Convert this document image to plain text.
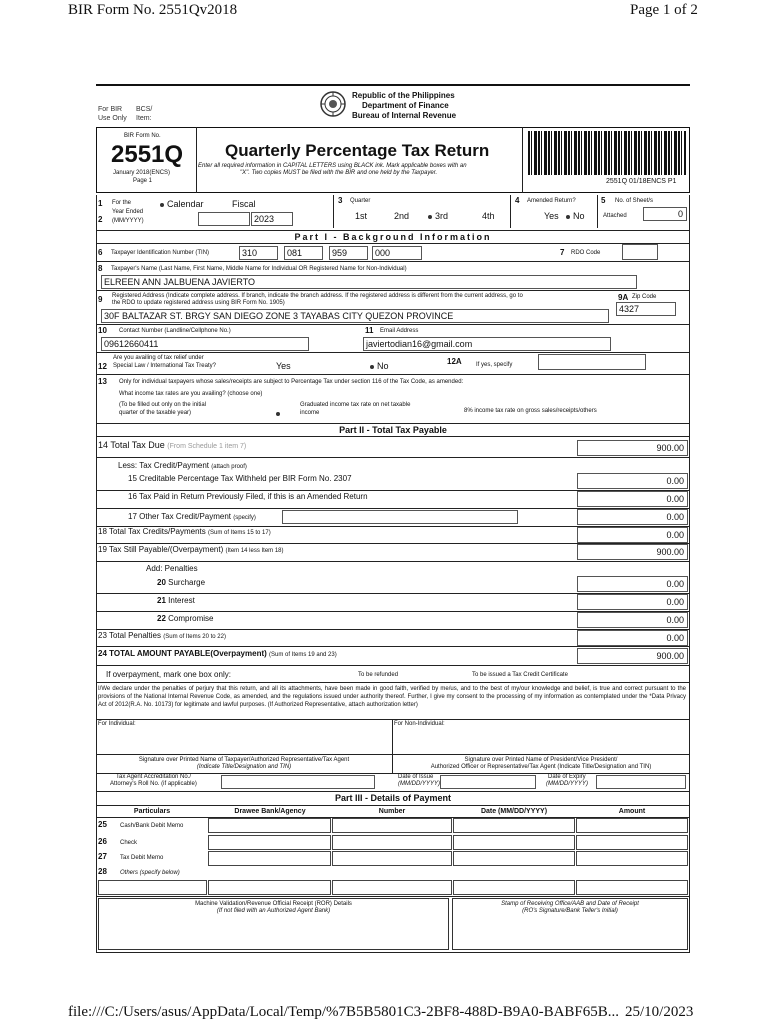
BIR Form No. 2551Qv2018	Page 1 of 2
file:///C:/Users/asus/AppData/Local/Temp/%7B5B5801C3-2BF8-488D-B9A0-BABF65B... 25/10/2023
For BIR
Use Only
BCS/
Item:
Republic of the Philippines
Department of Finance
Bureau of Internal Revenue
BIR Form No.
2551Q
January 2018(ENCS)
Page 1
Quarterly Percentage Tax Return
Enter all required information in CAPITAL LETTERS using BLACK ink. Mark applicable boxes with an
"X". Two copies MUST be filed with the BIR and one held by the Taxpayer.
2551Q 01/18ENCS P1
1 For the	Calendar	Fiscal
2
Year Ended
(MM/YYYY)	2023
3 Quarter
1st	2nd	3rd	4th
4 Amended Return?
Yes	No
5 No. of Sheet/s
Attached	0
Part I - Background Information
6 Taxpayer Identification Number (TIN)	310	081	959	000	7 RDO Code
8 Taxpayer's Name (Last Name, First Name, Middle Name for Individual OR Registered Name for Non-Individual)
ELREEN ANN JALBUENA JAVIERTO
9 Registered Address (Indicate complete address. If branch, indicate the branch address. If the registered address is different from the current address, go to
the RDO to update registered address using BIR Form No. 1905)
30F BALTAZAR ST. BRGY SAN DIEGO ZONE 3 TAYABAS CITY QUEZON PROVINCE
9A Zip Code
4327
10 Contact Number (Landline/Cellphone No.)
09612660411
11 Email Address
javiertodian16@gmail.com
12
Are you availing of tax relief under
Special Law / International Tax Treaty?	Yes	No	12A If yes, specify
13 Only for individual taxpayers whose sales/receipts are subject to Percentage Tax under section 116 of the Tax Code, as amended:
What income tax rates are you availing? (choose one)
(To be filled out only on the initial
quarter of the taxable year)
Graduated income tax rate on net taxable
income	8% income tax rate on gross sales/receipts/others
Part II - Total Tax Payable
14 Total Tax Due (From Schedule 1 item 7)	900.00
Less: Tax Credit/Payment (attach proof)
15 Creditable Percentage Tax Withheld per BIR Form No. 2307	0.00
16 Tax Paid in Return Previously Filed, if this is an Amended Return	0.00
17 Other Tax Credit/Payment (specify)	0.00
18 Total Tax Credits/Payments (Sum of Items 15 to 17)	0.00
19 Tax Still Payable/(Overpayment) (Item 14 less Item 18)	900.00
Add: Penalties
20 Surcharge	0.00
21 Interest	0.00
22 Compromise	0.00
23 Total Penalties (Sum of Items 20 to 22)	0.00
24 TOTAL AMOUNT PAYABLE(Overpayment) (Sum of Items 19 and 23)	900.00
If overpayment, mark one box only:	To be refunded	To be issued a Tax Credit Certificate
I/We declare under the penalties of perjury that this return, and all its attachments, have been made in good faith, verified by me/us, and to the best of my/our knowledge and belief, is true and correct pursuant to the provisions of the National Internal Revenue Code, as amended, and the regulations issued under authority thereof. Further, I give my consent to the processing of my information as contemplated under the *Data Privacy Act of 2012(R.A. No. 10173) for legitimate and lawful purposes. (If Authorized Representative, attach authorization letter)
For Individual:	For Non-Individual:
Signature over Printed Name of Taxpayer/Authorized Representative/Tax Agent
(Indicate Title/Designation and TIN)
Signature over Printed Name of President/Vice President/
Authorized Officer or Representative/Tax Agent (Indicate Title/Designation and TIN)
Tax Agent Accreditation No./
Attorney's Roll No. (if applicable)
Date of Issue
(MM/DD/YYYY)
Date of Expiry
(MM/DD/YYYY)
Part III - Details of Payment
Particulars	Drawee Bank/Agency	Number	Date (MM/DD/YYYY)	Amount
25 Cash/Bank Debit Memo
26 Check
27 Tax Debit Memo
28 Others (specify below)
Machine Validation/Revenue Official Receipt (ROR) Details
(If not filed with an Authorized Agent Bank)
Stamp of Receiving Office/AAB and Date of Receipt
(RO's Signature/Bank Teller's Initial)
